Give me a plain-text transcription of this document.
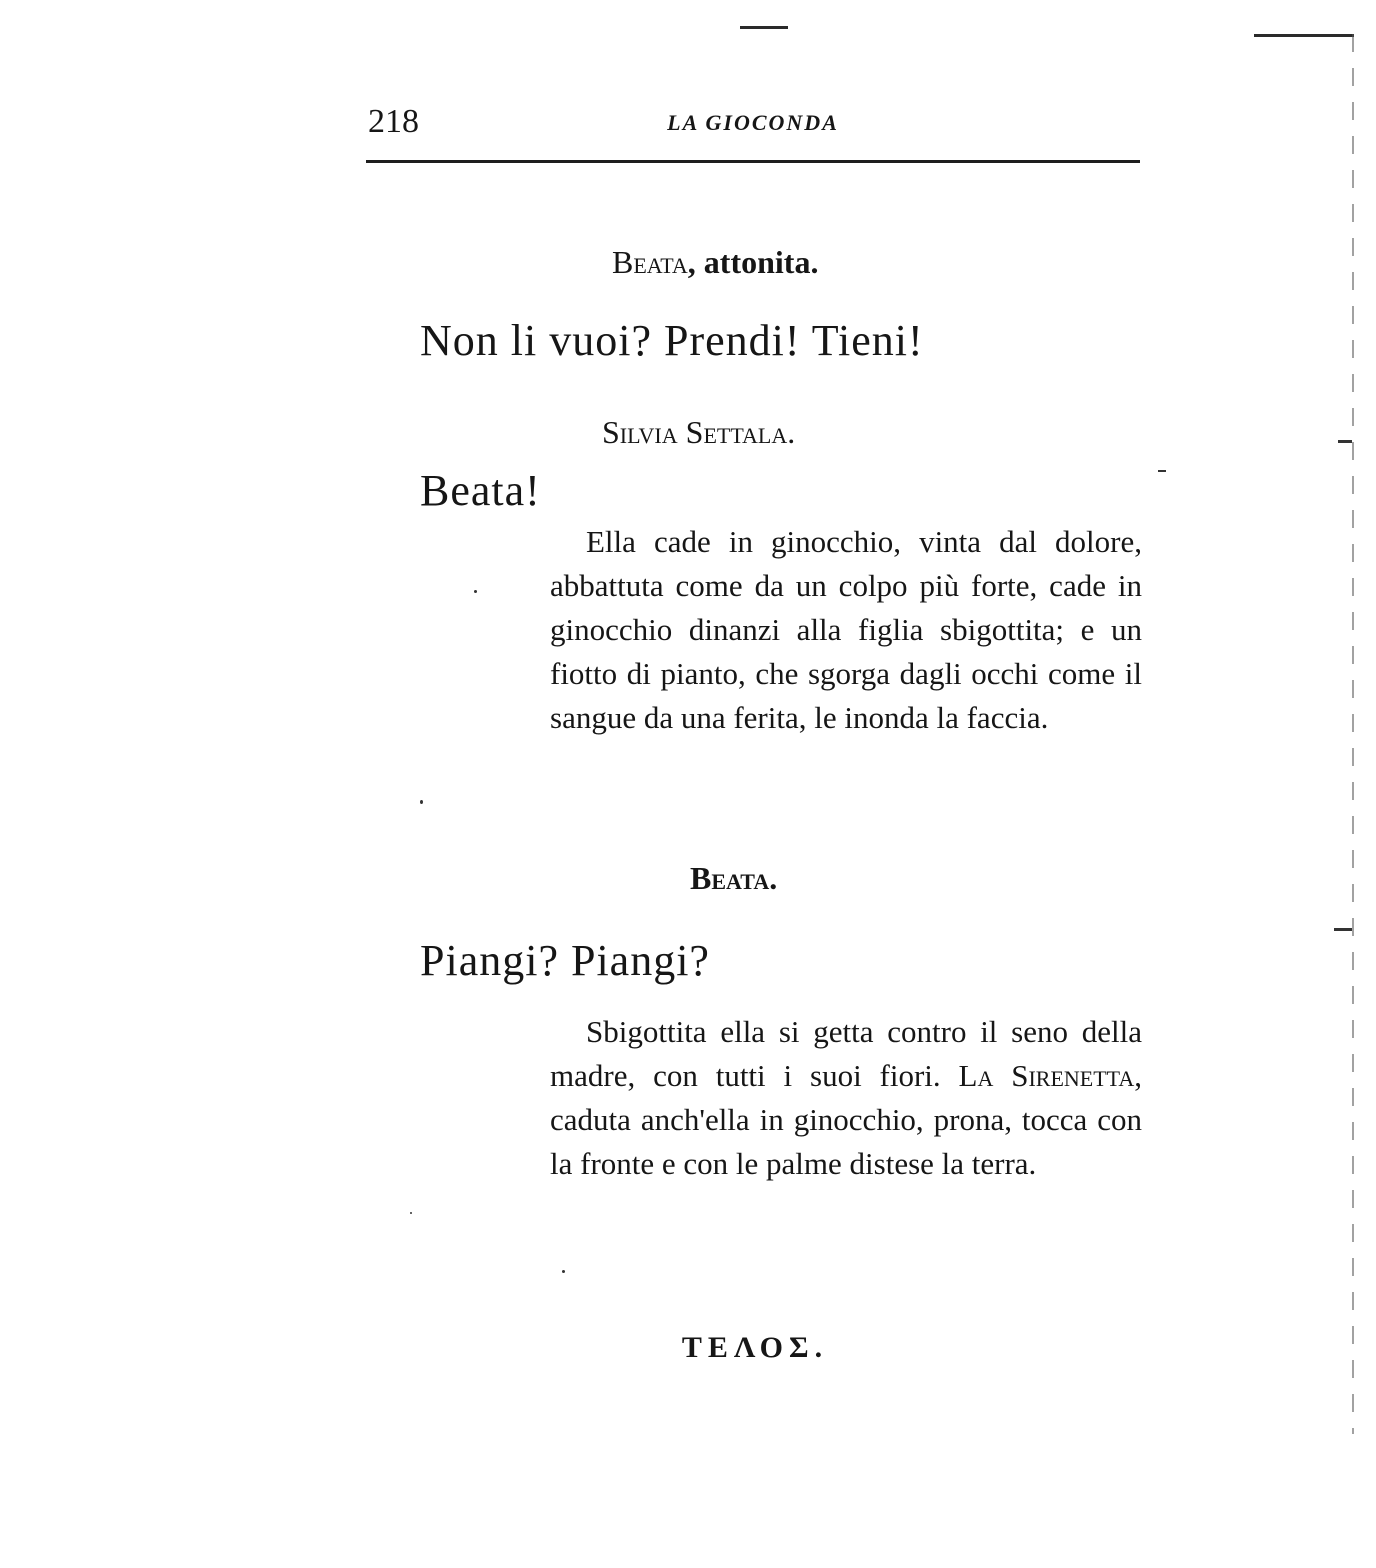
218	LA GIOCONDA
Beata, attonita.
Non li vuoi? Prendi! Tieni!
Silvia Settala.
Beata!

Ella cade in ginocchio, vinta dal dolore, abbattuta come da un colpo più forte, cade in ginocchio dinanzi alla figlia sbigottita; e un fiotto di pianto, che sgorga dagli occhi come il sangue da una ferita, le inonda la faccia.

Beata.
Piangi? Piangi?

Sbigottita ella si getta contro il seno della madre, con tutti i suoi fiori. La Sirenetta, caduta anch'ella in ginocchio, prona, tocca con la fronte e con le palme distese la terra.

ΤΕΛΟΣ.
